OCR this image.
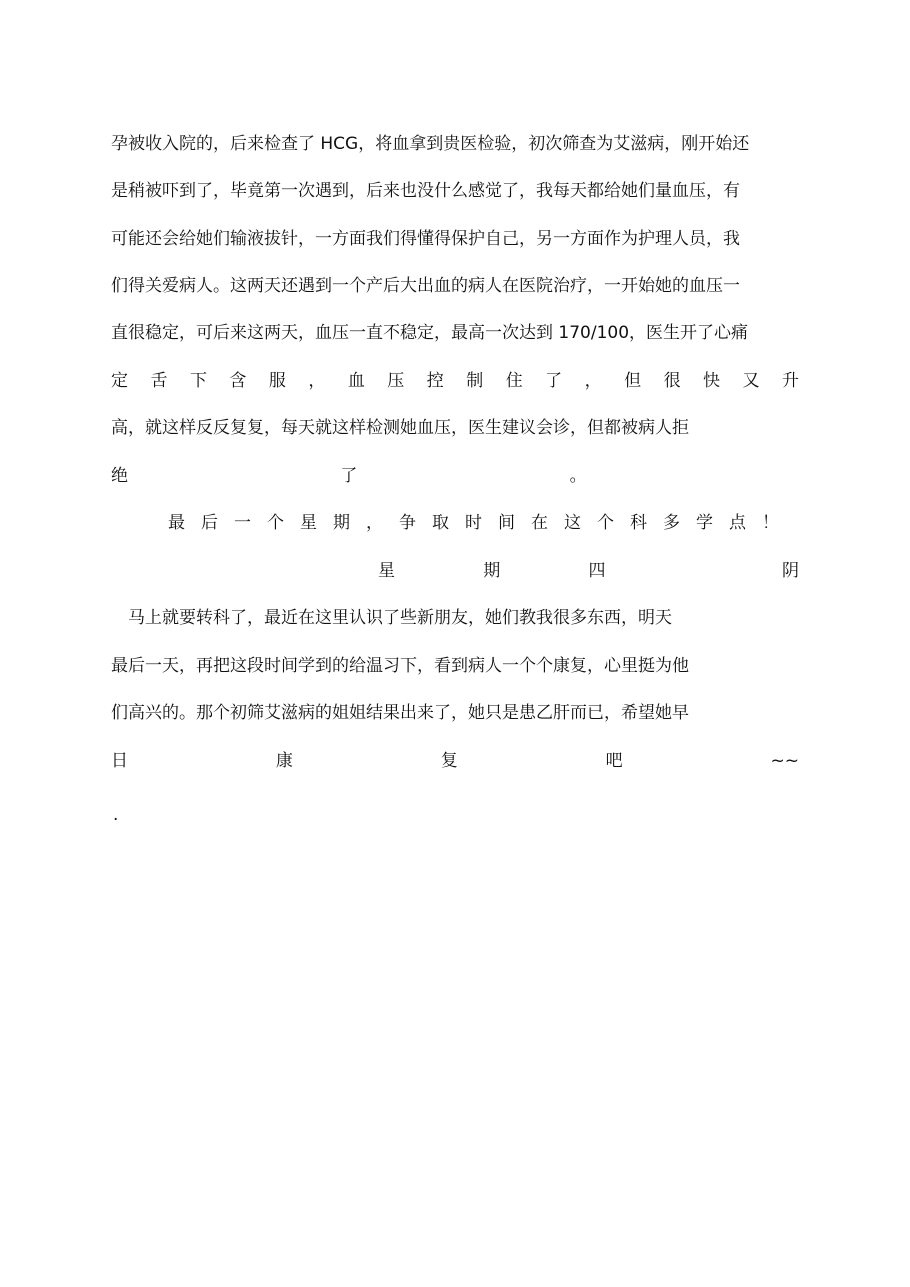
孕被收入院的，后来检查了 HCG，将血拿到贵医检验，初次筛查为艾滋病，刚开始还
是稍被吓到了，毕竟第一次遇到，后来也没什么感觉了，我每天都给她们量血压，有
可能还会给她们输液拔针，一方面我们得懂得保护自己，另一方面作为护理人员，我
们得关爱病人。这两天还遇到一个产后大出血的病人在医院治疗，一开始她的血压一
直很稳定，可后来这两天，血压一直不稳定，最高一次达到 170/100，医生开了心痛
定 舌 下 含 服 ， 血 压 控 制 住 了 ， 但 很 快 又 升
高，就这样反反复复，每天就这样检测她血压，医生建议会诊，但都被病人拒
绝	了	。
最 后 一 个 星 期 ， 争 取 时 间 在 这 个 科 多 学 点 ！
星	期	四	阴
马上就要转科了，最近在这里认识了些新朋友，她们教我很多东西，明天
最后一天，再把这段时间学到的给温习下，看到病人一个个康复，心里挺为他
们高兴的。那个初筛艾滋病的姐姐结果出来了，她只是患乙肝而已，希望她早
日	康	复	吧	~~
.
